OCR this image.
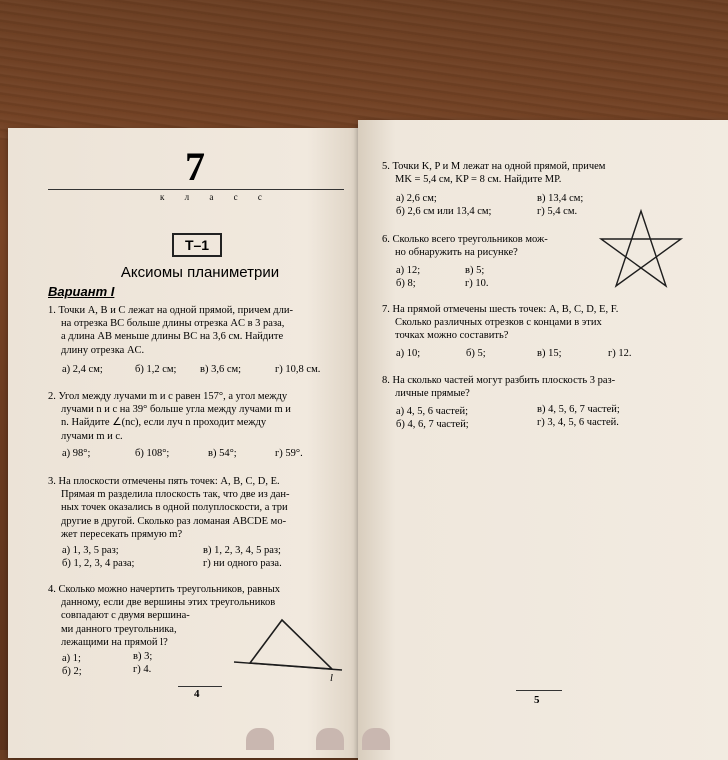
7
к л а с с
Т–1
Аксиомы планиметрии
Вариант I
1. Точки A, B и C лежат на одной прямой, причем дли-
на отрезка BC больше длины отрезка AC в 3 раза,
а длина AB меньше длины BC на 3,6 см. Найдите
длину отрезка AC.
а) 2,4 см;	б) 1,2 см; в) 3,6 см;	г) 10,8 см.
2. Угол между лучами m и c равен 157°, а угол между
лучами n и c на 39° больше угла между лучами m и
n. Найдите ∠(nc), если луч n проходит между
лучами m и c.
а) 98°;	б) 108°;	в) 54°;	г) 59°.
3. На плоскости отмечены пять точек: A, B, C, D, E.
Прямая m разделила плоскость так, что две из дан-
ных точек оказались в одной полуплоскости, а три
другие в другой. Сколько раз ломаная ABCDE мо-
жет пересекать прямую m?
а) 1, 3, 5 раз;	в) 1, 2, 3, 4, 5 раз;
б) 1, 2, 3, 4 раза;	г) ни одного раза.
4. Сколько можно начертить треугольников, равных
данному, если две вершины этих треугольников
совпадают с двумя вершина-
ми данного треугольника,
лежащими на прямой l?
а) 1;	в) 3;
б) 2;	г) 4.
l
4
5. Точки K, P и M лежат на одной прямой, причем
MK = 5,4 см, KP = 8 см. Найдите MP.
а) 2,6 см;	в) 13,4 см;
б) 2,6 см или 13,4 см;	г) 5,4 см.
6. Сколько всего треугольников мож-
но обнаружить на рисунке?
а) 12;	в) 5;
б) 8;	г) 10.
7. На прямой отмечены шесть точек: A, B, C, D, E, F.
Сколько различных отрезков с концами в этих
точках можно составить?
а) 10;	б) 5;	в) 15;	г) 12.
8. На сколько частей могут разбить плоскость 3 раз-
личные прямые?
а) 4, 5, 6 частей;	в) 4, 5, 6, 7 частей;
б) 4, 6, 7 частей;	г) 3, 4, 5, 6 частей.
5
